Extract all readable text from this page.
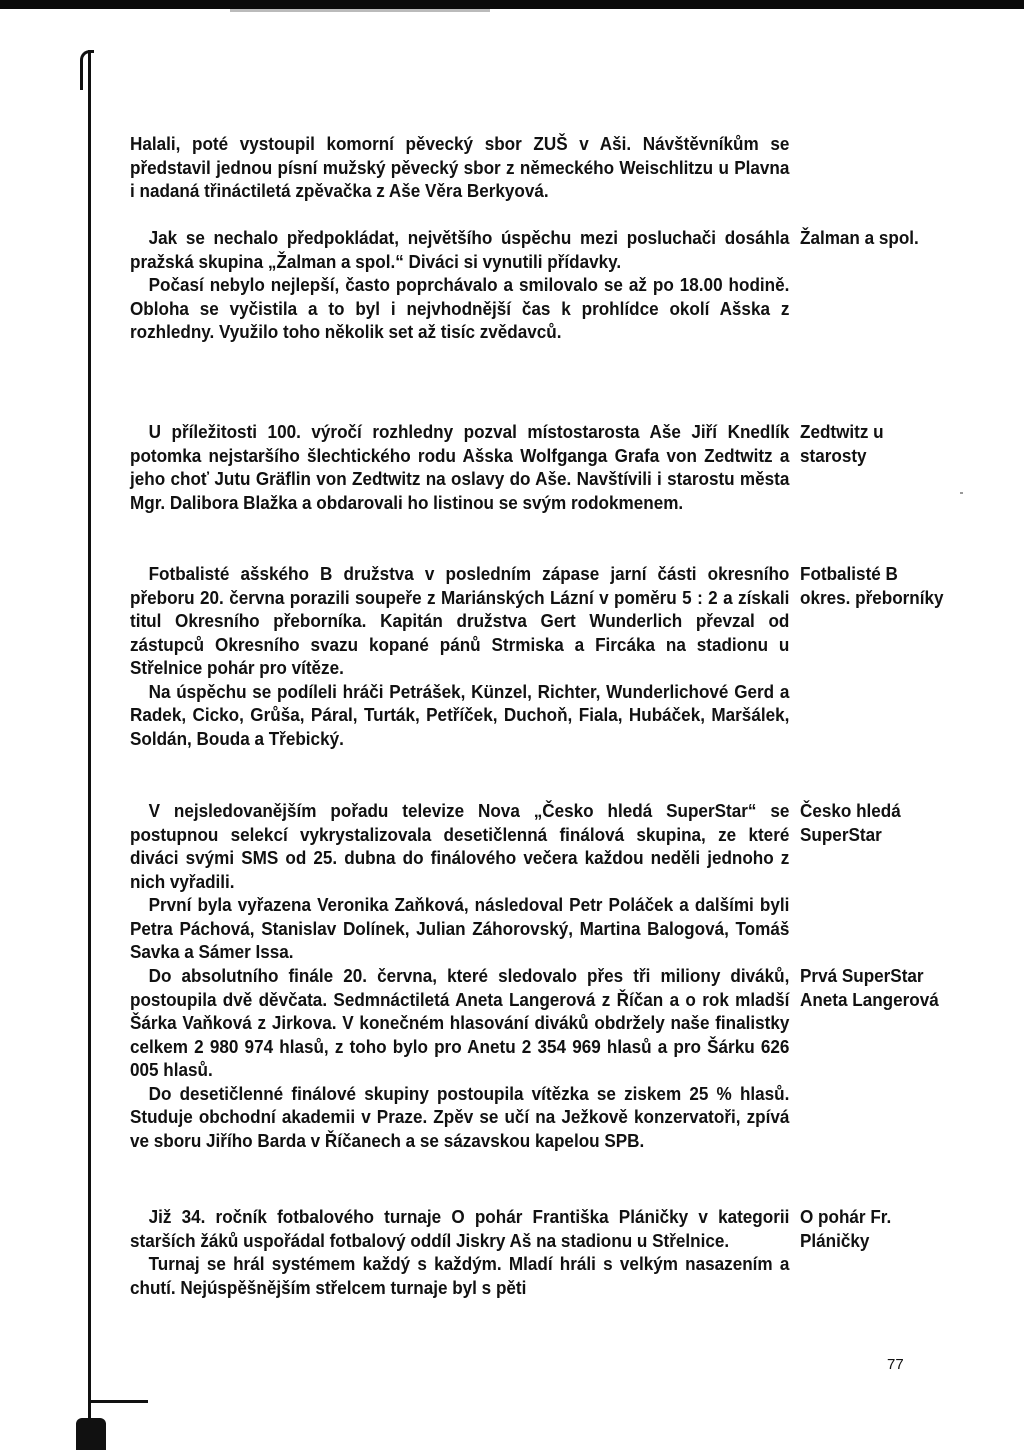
Halali, poté vystoupil komorní pěvecký sbor ZUŠ v Aši. Návštěvníkům se představil jednou písní mužský pěvecký sbor z německého Weischlitzu u Plavna i nadaná třináctiletá zpěvačka z Aše Věra Berkyová.

Jak se nechalo předpokládat, největšího úspěchu mezi posluchači dosáhla pražská skupina „Žalman a spol.“ Diváci si vynutili přídavky.

Počasí nebylo nejlepší, často poprchávalo a smilovalo se až po 18.00 hodině. Obloha se vyčistila a to byl i nejvhodnější čas k prohlídce okolí Ašska z rozhledny. Využilo toho několik set až tisíc zvědavců.

Žalman a spol.

U příležitosti 100. výročí rozhledny pozval místostarosta Aše Jiří Knedlík potomka nejstaršího šlechtického rodu Ašska Wolfganga Grafa von Zedtwitz a jeho choť Jutu Gräflin von Zedtwitz na oslavy do Aše. Navštívili i starostu města Mgr. Dalibora Blažka a obdarovali ho listinou se svým rodokmenem.

Zedtwitz u

starosty

Fotbalisté ašského B družstva v posledním zápase jarní části okresního přeboru 20. června porazili soupeře z Mariánských Lázní v poměru 5 : 2 a získali titul Okresního přeborníka. Kapitán družstva Gert Wunderlich převzal od zástupců Okresního svazu kopané pánů Strmiska a Fircáka na stadionu u Střelnice pohár pro vítěze.

Na úspěchu se podíleli hráči Petrášek, Künzel, Richter, Wunderlichové Gerd a Radek, Cicko, Grůša, Páral, Turták, Petříček, Duchoň, Fiala, Hubáček, Maršálek, Soldán, Bouda a Třebický.

Fotbalisté B

okres. přeborníky

V nejsledovanějším pořadu televize Nova „Česko hledá SuperStar“ se postupnou selekcí vykrystalizovala desetičlenná finálová skupina, ze které diváci svými SMS od 25. dubna do finálového večera každou neděli jednoho z nich vyřadili.

První byla vyřazena Veronika Zaňková, následoval Petr Poláček a dalšími byli Petra Páchová, Stanislav Dolínek, Julian Záhorovský, Martina Balogová, Tomáš Savka a Sámer Issa.

Česko hledá

SuperStar

Do absolutního finále 20. června, které sledovalo přes tři miliony diváků, postoupila dvě děvčata. Sedmnáctiletá Aneta Langerová z Říčan a o rok mladší Šárka Vaňková z Jirkova. V konečném hlasování diváků obdržely naše finalistky celkem 2 980 974 hlasů, z toho bylo pro Anetu 2 354 969 hlasů a pro Šárku 626 005 hlasů.

Do desetičlenné finálové skupiny postoupila vítězka se ziskem 25 % hlasů. Studuje obchodní akademii v Praze. Zpěv se učí na Ježkově konzervatoři, zpívá ve sboru Jiřího Barda v Říčanech a se sázavskou kapelou SPB.

Prvá SuperStar

Aneta Langerová

Již 34. ročník fotbalového turnaje O pohár Františka Pláničky v kategorii starších žáků uspořádal fotbalový oddíl Jiskry Aš na stadionu u Střelnice.

Turnaj se hrál systémem každý s každým. Mladí hráli s velkým nasazením a chutí. Nejúspěšnějším střelcem turnaje byl s pěti

O pohár Fr.

Pláničky

77
